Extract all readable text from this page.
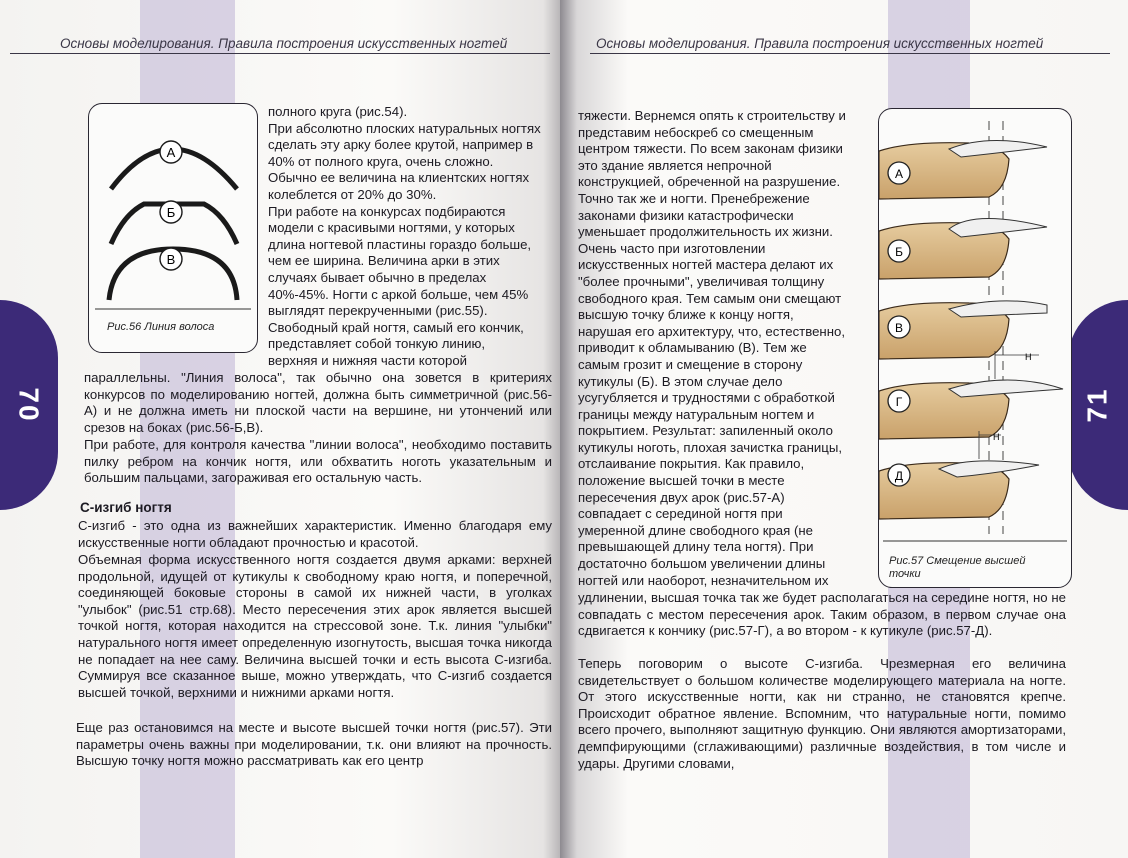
Основы моделирования. Правила построения искусственных ногтей
70
А
Б
В
Рис.56 Линия волоса

полного круга (рис.54).

При абсолютно плоских натуральных ногтях

сделать эту арку более крутой, например в

40% от полного круга, очень сложно.

Обычно ее величина на клиентских ногтях

колеблется от 20% до 30%.

При работе на конкурсах подбираются

модели с красивыми ногтями, у которых

длина ногтевой пластины гораздо больше,

чем ее ширина. Величина арки в этих

случаях бывает обычно в пределах

40%-45%. Ногти с аркой больше, чем 45%

выглядят перекрученными (рис.55).

Свободный край ногтя, самый его кончик,

представляет собой тонкую линию,

верхняя и нижняя части которой

параллельны. "Линия волоса", так обычно она зовется в критериях конкурсов по моделированию ногтей, должна быть симметричной (рис.56-А) и не должна иметь ни плоской части на вершине, ни утончений или срезов на боках (рис.56-Б,В).

При работе, для контроля качества "линии волоса", необходимо поставить пилку ребром на кончик ногтя, или обхватить ноготь указательным и большим пальцами, загораживая его остальную часть.

С-изгиб ногтя

С-изгиб - это одна из важнейших характеристик. Именно благодаря ему искусственные ногти обладают прочностью и красотой.

Объемная форма искусственного ногтя создается двумя арками: верхней продольной, идущей от кутикулы к свободному краю ногтя, и поперечной, соединяющей боковые стороны в самой их нижней части, в уголках "улыбок" (рис.51 стр.68). Место пересечения этих арок является высшей точкой ногтя, которая находится на стрессовой зоне. Т.к. линия "улыбки" натурального ногтя имеет определенную изогнутость, высшая точка никогда не попадает на нее саму. Величина высшей точки и есть высота С-изгиба. Суммируя все сказанное выше, можно утверждать, что С-изгиб создается высшей точкой, верхними и нижними арками ногтя.

Еще раз остановимся на месте и высоте высшей точки ногтя (рис.57). Эти параметры очень важны при моделировании, т.к. они влияют на прочность. Высшую точку ногтя можно рассматривать как его центр

Основы моделирования. Правила построения искусственных ногтей
71

тяжести. Вернемся опять к строительству и

представим небоскреб со смещенным

центром тяжести. По всем законам физики

это здание является непрочной

конструкцией, обреченной на разрушение.

Точно так же и ногти. Пренебрежение

законами физики катастрофически

уменьшает продолжительность их жизни.

Очень часто при изготовлении

искусственных ногтей мастера делают их

"более прочными", увеличивая толщину

свободного края. Тем самым они смещают

высшую точку ближе к концу ногтя,

нарушая его архитектуру, что, естественно,

приводит к обламыванию (В). Тем же

самым грозит и смещение в сторону

кутикулы (Б). В этом случае дело

усугубляется и трудностями с обработкой

границы между натуральным ногтем и

покрытием. Результат: запиленный около

кутикулы ноготь, плохая зачистка границы,

отслаивание покрытия. Как правило,

положение высшей точки в месте

пересечения двух арок (рис.57-А)

совпадает с серединой ногтя при

умеренной длине свободного края (не

превышающей длину тела ногтя). При

достаточно большом увеличении длины

ногтей или наоборот, незначительном их

Н
Н
А
Б
В
Г
Д
Рис.57 Смещение высшей
точки

удлинении, высшая точка так же будет располагаться на середине ногтя, но не совпадать с местом пересечения арок. Таким образом, в первом случае она сдвигается к кончику (рис.57-Г), а во втором - к кутикуле (рис.57-Д).

Теперь поговорим о высоте С-изгиба. Чрезмерная его величина свидетельствует о большом количестве моделирующего материала на ногте. От этого искусственные ногти, как ни странно, не становятся крепче. Происходит обратное явление. Вспомним, что натуральные ногти, помимо всего прочего, выполняют защитную функцию. Они являются амортизаторами, демпфирующими (сглаживающими) различные воздействия, в том числе и удары. Другими словами,
